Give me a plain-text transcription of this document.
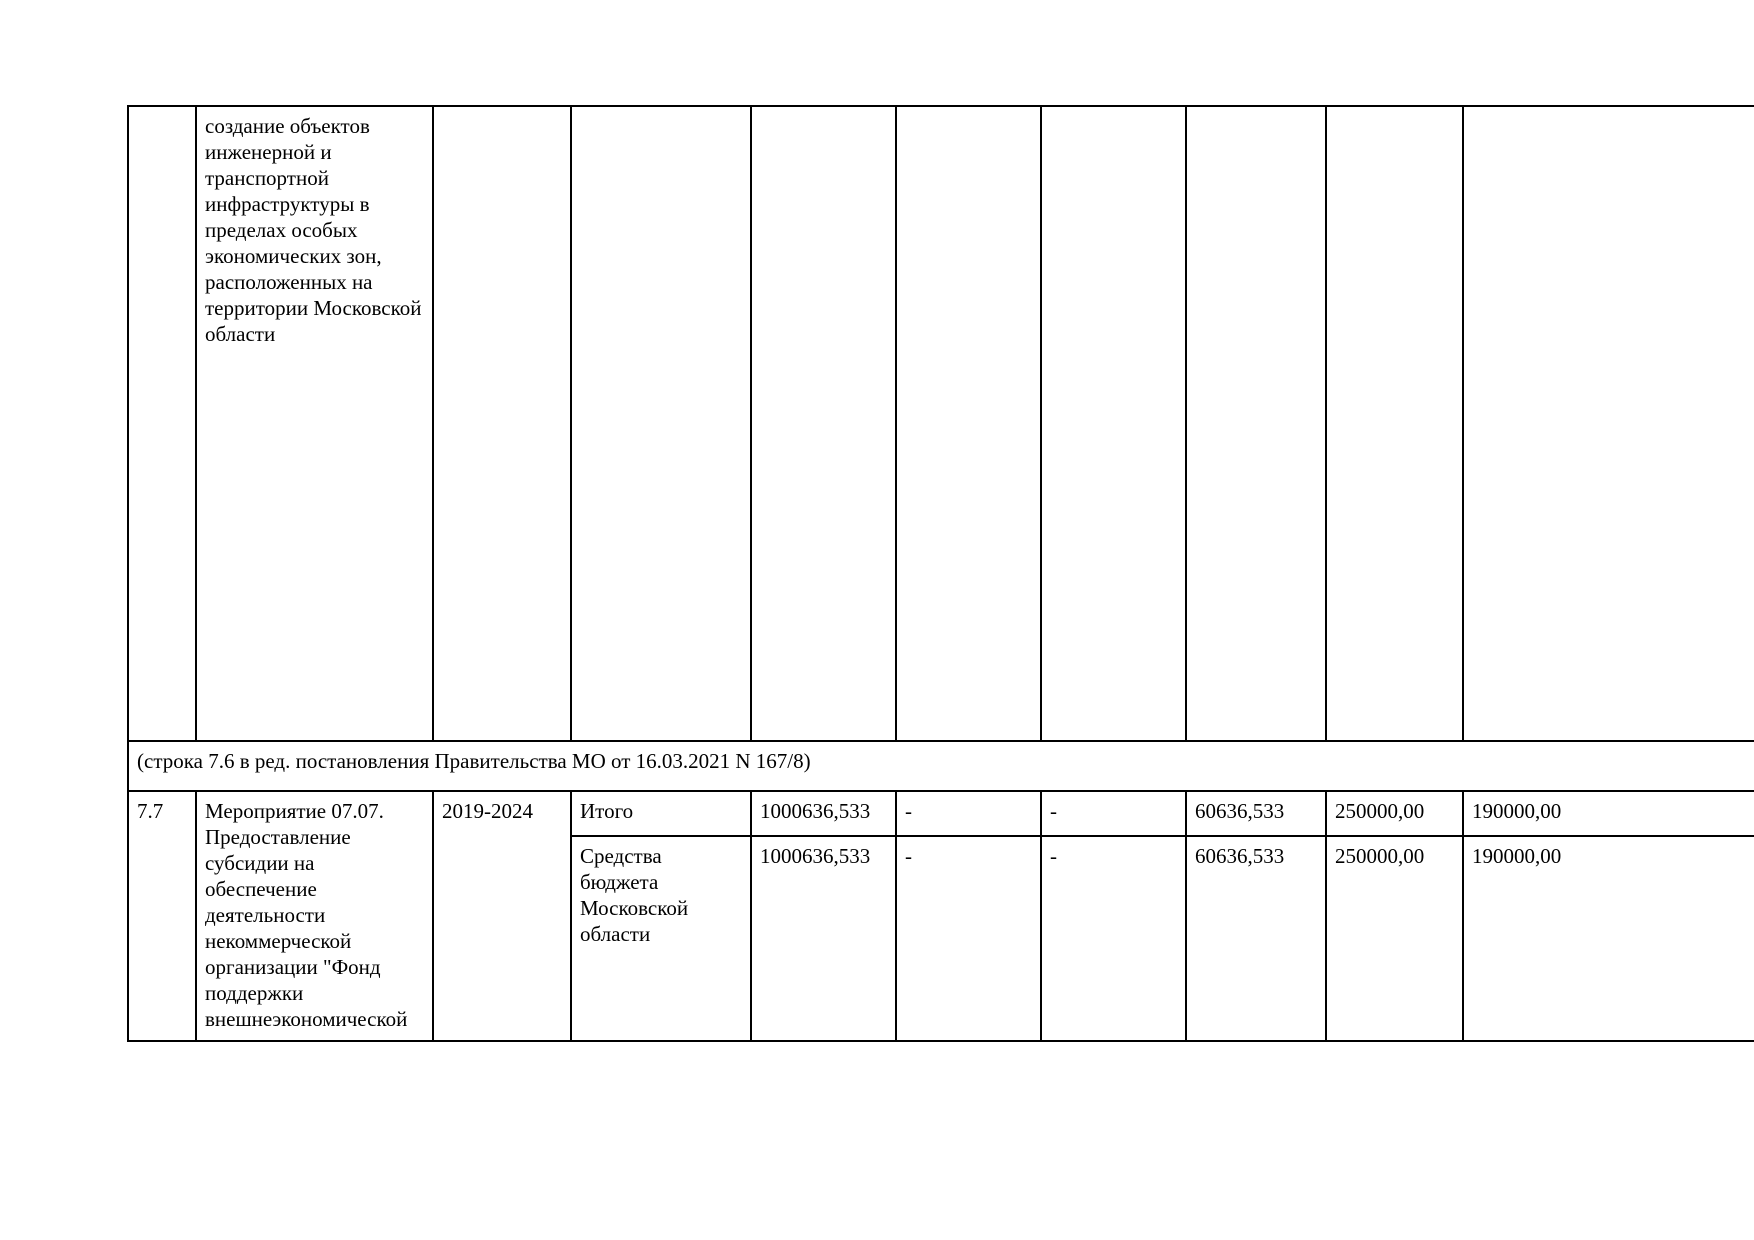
	создание объектов инженерной и транспортной инфраструктуры в пределах особых экономических зон, расположенных на территории Московской области								
(строка 7.6 в ред. постановления Правительства МО от 16.03.2021 N 167/8)									
7.7	Мероприятие 07.07. Предоставление субсидии на обеспечение деятельности некоммерческой организации "Фонд поддержки внешнеэкономической	2019-2024	Итого	1000636,533	-	-	60636,533	250000,00	190000,00
			Средства бюджета Московской области	1000636,533	-	-	60636,533	250000,00	190000,00
